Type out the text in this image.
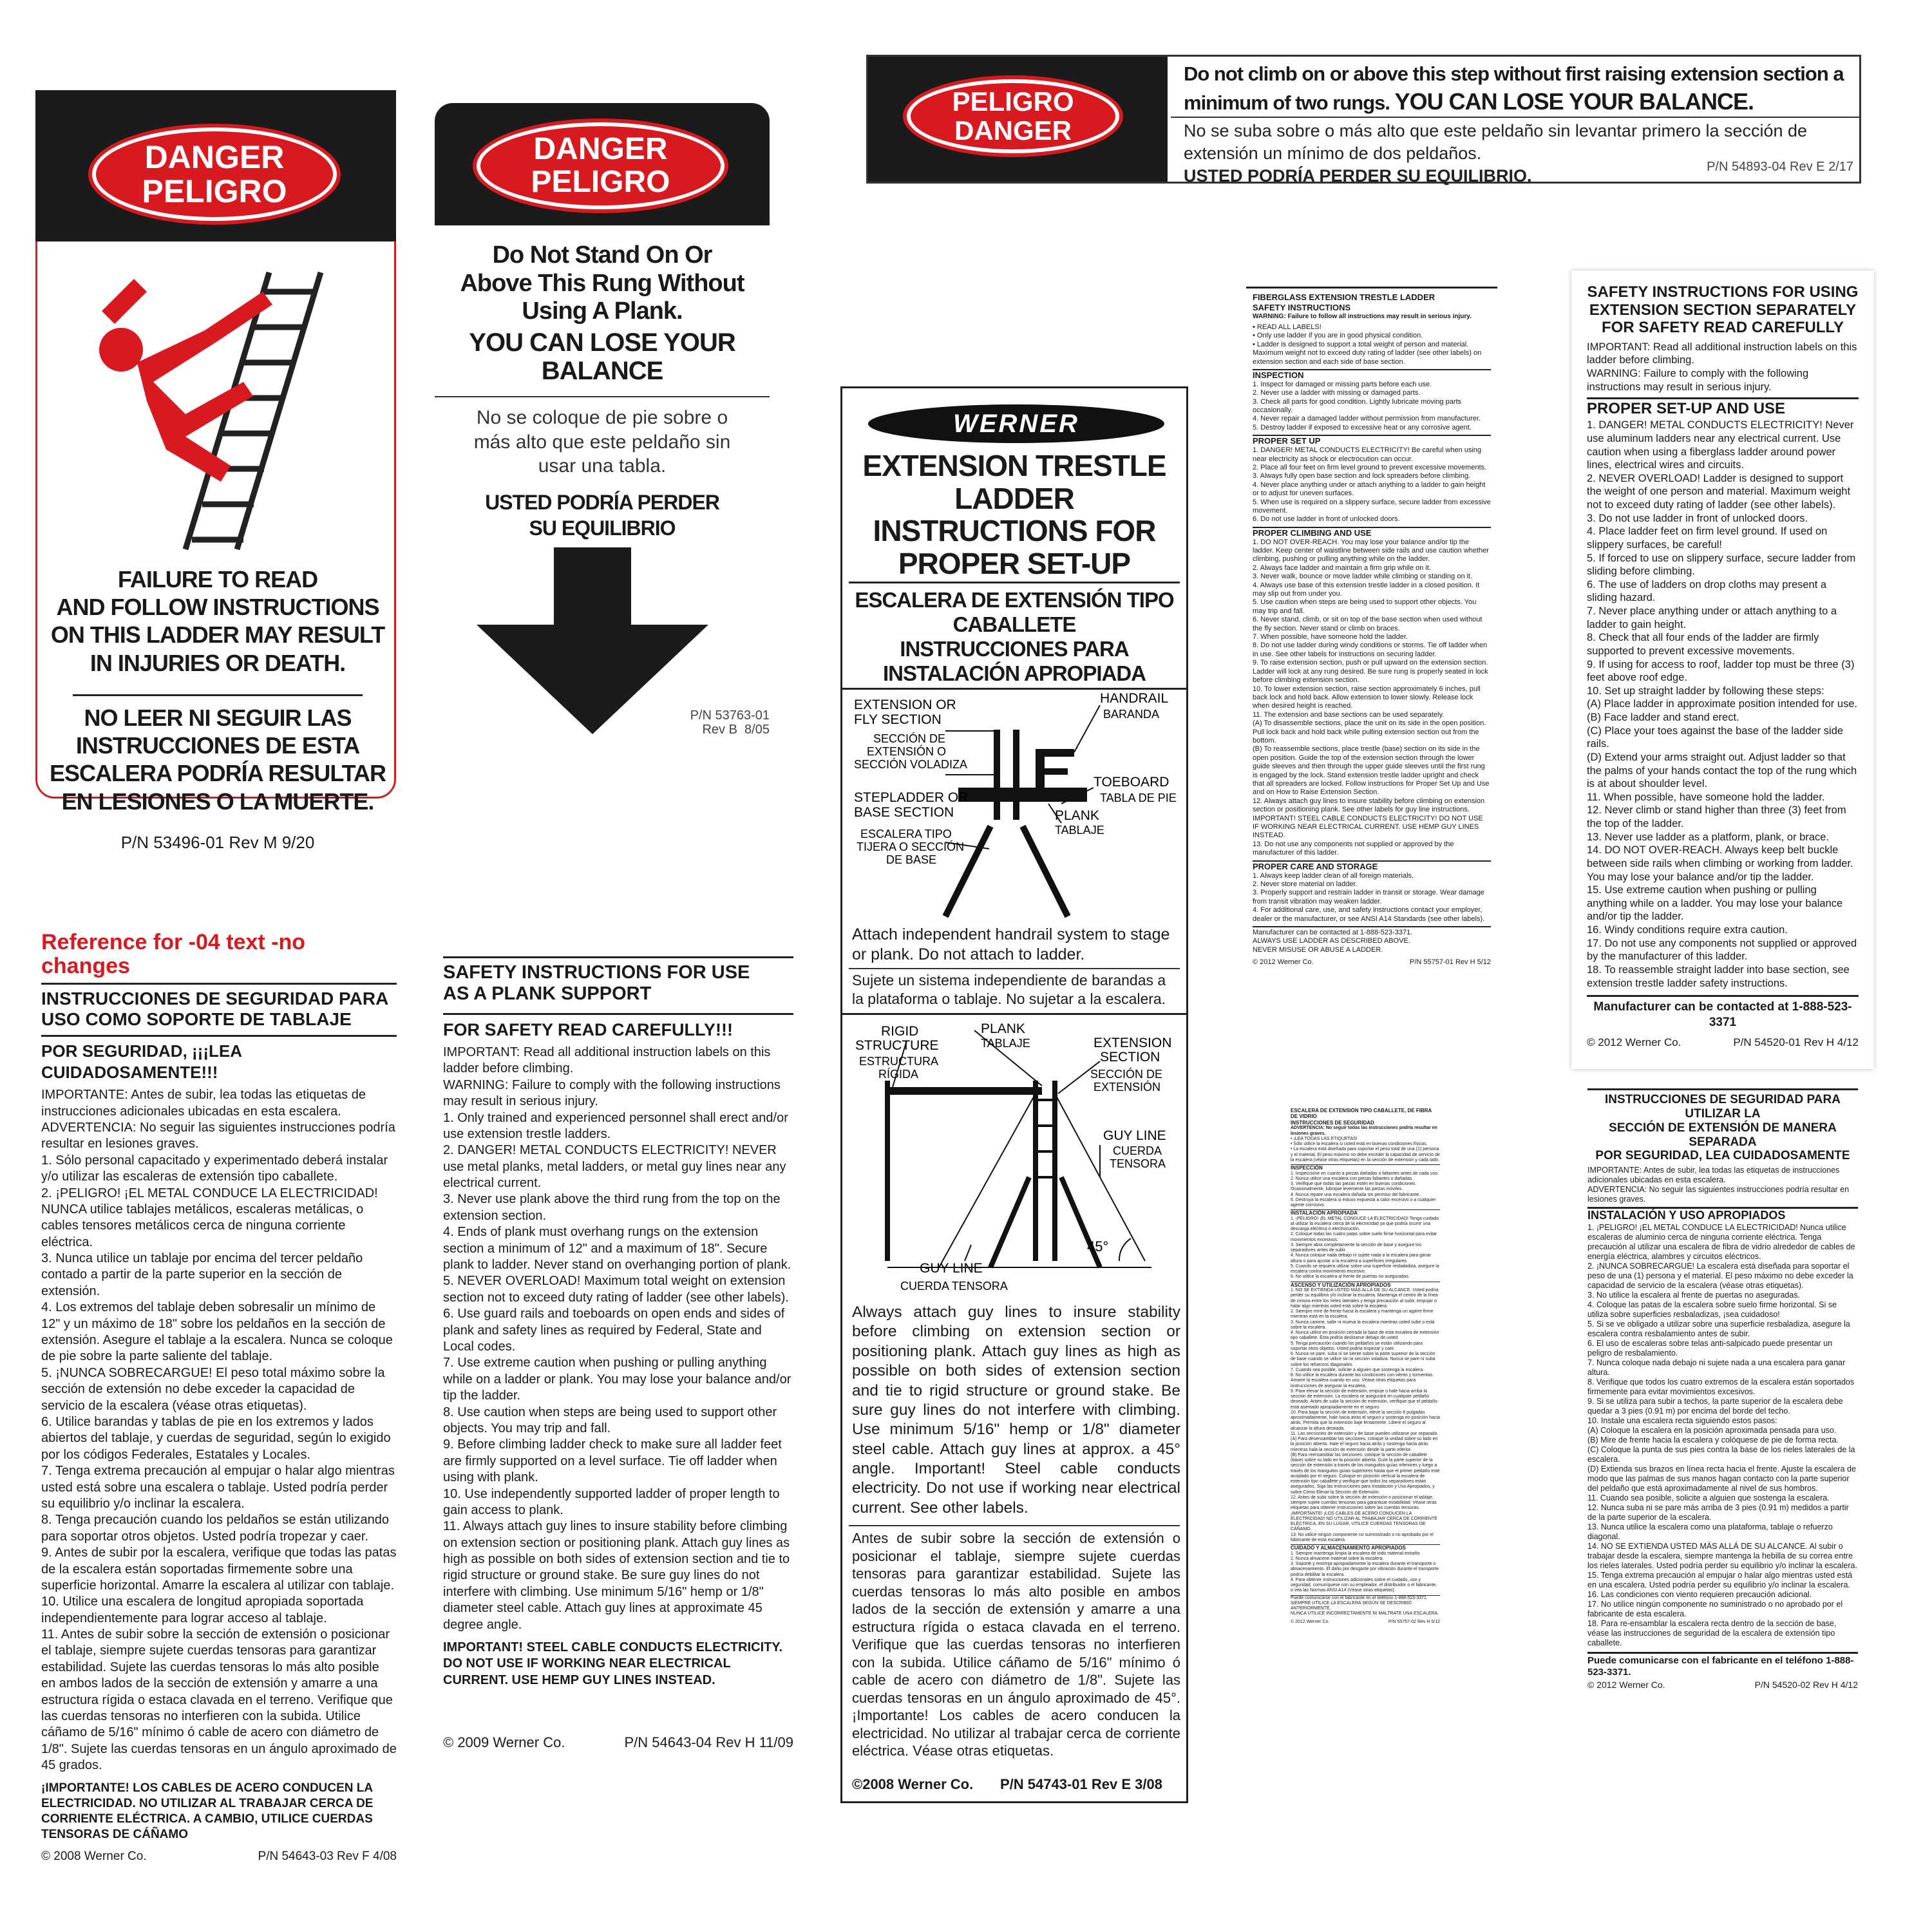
DANGER
PELIGRO
FAILURE TO READ
AND FOLLOW INSTRUCTIONS
ON THIS LADDER MAY RESULT
IN INJURIES OR DEATH.
NO LEER NI SEGUIR LAS
INSTRUCCIONES DE ESTA
ESCALERA PODRÍA RESULTAR
EN LESIONES O LA MUERTE.
P/N 53496-01 Rev M 9/20
DANGER
PELIGRO
Do Not Stand On Or
Above This Rung Without
Using A Plank.
YOU CAN LOSE YOUR
BALANCE
No se coloque de pie sobre o
más alto que este peldaño sin
usar una tabla.
USTED PODRÍA PERDER
SU EQUILIBRIO
P/N 53763-01
Rev B  8/05
PELIGRO
DANGER
Do not climb on or above this step without first raising extension section a minimum of two rungs. YOU CAN LOSE YOUR BALANCE.
No se suba sobre o más alto que este peldaño sin levantar primero la sección de extensión un mínimo de dos peldaños.
USTED PODRÍA PERDER SU EQUILIBRIO.	P/N 54893-04 Rev E 2/17
WERNER
EXTENSION TRESTLE LADDER
INSTRUCTIONS FOR
PROPER SET-UP
ESCALERA DE EXTENSIÓN TIPO CABALLETE
INSTRUCCIONES PARA
INSTALACIÓN APROPIADA
EXTENSION OR FLY SECTION
SECCIÓN DE EXTENSIÓN O SECCIÓN VOLADIZA
STEPLADDER OR BASE SECTION
ESCALERA TIPO TIJERA O SECCIÓN DE BASE
HANDRAIL
BARANDA
TOEBOARD
TABLA DE PIE
PLANK
TABLAJE
Attach independent handrail system to stage or plank. Do not attach to ladder.
Sujete un sistema independiente de barandas a la plataforma o tablaje. No sujetar a la escalera.
RIGID STRUCTURE
ESTRUCTURA RÍGIDA
PLANK
TABLAJE	EXTENSION SECTION
SECCIÓN DE EXTENSIÓN
GUY LINE
CUERDA TENSORA
45°
GUY LINE
CUERDA TENSORA
Always attach guy lines to insure stability before climbing on extension section or positioning plank. Attach guy lines as high as possible on both sides of extension section and tie to rigid structure or ground stake. Be sure guy lines do not interfere with climbing. Use minimum 5/16" hemp or 1/8" diameter steel cable. Attach guy lines at approx. a 45° angle. Important! Steel cable conducts electricity. Do not use if working near electrical current. See other labels.
Antes de subir sobre la sección de extensión o posicionar el tablaje, siempre sujete cuerdas tensoras para garantizar estabilidad. Sujete las cuerdas tensoras lo más alto posible en ambos lados de la sección de extensión y amarre a una estructura rígida o estaca clavada en el terreno. Verifique que las cuerdas tensoras no interfieren con la subida. Utilice cáñamo de 5/16" mínimo ó cable de acero con diámetro de 1/8". Sujete las cuerdas tensoras en un ángulo aproximado de 45°. ¡Importante! Los cables de acero conducen la electricidad. No utilizar al trabajar cerca de corriente eléctrica. Véase otras etiquetas.
©2008 Werner Co.	P/N 54743-01 Rev E 3/08
FIBERGLASS EXTENSION TRESTLE LADDER
SAFETY INSTRUCTIONS
WARNING: Failure to follow all instructions may result in serious injury.
• READ ALL LABELS!
• Only use ladder if you are in good physical condition.
• Ladder is designed to support a total weight of person and material. Maximum weight not to exceed duty rating of ladder (see other labels) on extension section and each side of base section.
INSPECTION
1. Inspect for damaged or missing parts before each use.
2. Never use a ladder with missing or damaged parts.
3. Check all parts for good condition. Lightly lubricate moving parts occasionally.
4. Never repair a damaged ladder without permission from manufacturer.
5. Destroy ladder if exposed to excessive heat or any corrosive agent.
PROPER SET UP
1. DANGER! METAL CONDUCTS ELECTRICITY! Be careful when using near electricity as shock or electrocution can occur.
2. Place all four feet on firm level ground to prevent excessive movements.
3. Always fully open base section and lock spreaders before climbing.
4. Never place anything under or attach anything to a ladder to gain height or to adjust for uneven surfaces.
5. When use is required on a slippery surface, secure ladder from excessive movement.
6. Do not use ladder in front of unlocked doors.
PROPER CLIMBING AND USE
1. DO NOT OVER-REACH. You may lose your balance and/or tip the ladder. Keep center of waistline between side rails and use caution whether climbing, pushing or pulling anything while on the ladder.
2. Always face ladder and maintain a firm grip while on it.
3. Never walk, bounce or move ladder while climbing or standing on it.
4. Always use base of this extension trestle ladder in a closed position. It may slip out from under you.
5. Use caution when steps are being used to support other objects. You may trip and fall.
6. Never stand, climb, or sit on top of the base section when used without the fly section. Never stand or climb on braces.
7. When possible, have someone hold the ladder.
8. Do not use ladder during windy conditions or storms. Tie off ladder when in use. See other labels for instructions on securing ladder.
9. To raise extension section, push or pull upward on the extension section. Ladder will lock at any rung desired. Be sure rung is properly seated in lock before climbing extension section.
10. To lower extension section, raise section approximately 6 inches, pull back lock and hold back. Allow extension to lower slowly. Release lock when desired height is reached.
11. The extension and base sections can be used separately.
(A) To disassemble sections, place the unit on its side in the open position. Pull lock back and hold back while pulling extension section out from the bottom.
(B) To reassemble sections, place trestle (base) section on its side in the open position. Guide the top of the extension section through the lower guide sleeves and then through the upper guide sleeves until the first rung is engaged by the lock. Stand extension trestle ladder upright and check that all spreaders are locked. Follow instructions for Proper Set Up and Use and on How to Raise Extension Section.
12. Always attach guy lines to insure stability before climbing on extension section or positioning plank. See other labels for guy line instructions. IMPORTANT! STEEL CABLE CONDUCTS ELECTRICITY! DO NOT USE IF WORKING NEAR ELECTRICAL CURRENT. USE HEMP GUY LINES INSTEAD.
13. Do not use any components not supplied or approved by the manufacturer of this ladder.
PROPER CARE AND STORAGE
1. Always keep ladder clean of all foreign materials.
2. Never store material on ladder.
3. Properly support and restrain ladder in transit or storage. Wear damage from transit vibration may weaken ladder.
4. For additional care, use, and safety instructions contact your employer, dealer or the manufacturer, or see ANSI A14 Standards (see other labels).
Manufacturer can be contacted at 1-888-523-3371.
ALWAYS USE LADDER AS DESCRIBED ABOVE.
NEVER MISUSE OR ABUSE A LADDER.
© 2012 Werner Co.	P/N 55757-01 Rev H 5/12
SAFETY INSTRUCTIONS FOR USING
EXTENSION SECTION SEPARATELY
FOR SAFETY READ CAREFULLY
IMPORTANT: Read all additional instruction labels on this ladder before climbing.
WARNING: Failure to comply with the following instructions may result in serious injury.
PROPER SET-UP AND USE
1. DANGER! METAL CONDUCTS ELECTRICITY! Never use aluminum ladders near any electrical current. Use caution when using a fiberglass ladder around power lines, electrical wires and circuits.
2. NEVER OVERLOAD! Ladder is designed to support the weight of one person and material. Maximum weight not to exceed duty rating of ladder (see other labels).
3. Do not use ladder in front of unlocked doors.
4. Place ladder feet on firm level ground. If used on slippery surfaces, be careful!
5. If forced to use on slippery surface, secure ladder from sliding before climbing.
6. The use of ladders on drop cloths may present a sliding hazard.
7. Never place anything under or attach anything to a ladder to gain height.
8. Check that all four ends of the ladder are firmly supported to prevent excessive movements.
9. If using for access to roof, ladder top must be three (3) feet above roof edge.
10. Set up straight ladder by following these steps:
(A) Place ladder in approximate position intended for use.
(B) Face ladder and stand erect.
(C) Place your toes against the base of the ladder side rails.
(D) Extend your arms straight out. Adjust ladder so that the palms of your hands contact the top of the rung which is at about shoulder level.
11. When possible, have someone hold the ladder.
12. Never climb or stand higher than three (3) feet from the top of the ladder.
13. Never use ladder as a platform, plank, or brace.
14. DO NOT OVER-REACH. Always keep belt buckle between side rails when climbing or working from ladder. You may lose your balance and/or tip the ladder.
15. Use extreme caution when pushing or pulling anything while on a ladder. You may lose your balance and/or tip the ladder.
16. Windy conditions require extra caution.
17. Do not use any components not supplied or approved by the manufacturer of this ladder.
18. To reassemble straight ladder into base section, see extension trestle ladder safety instructions.
Manufacturer can be contacted at 1-888-523-3371
© 2012 Werner Co.	P/N 54520-01 Rev H 4/12
Reference for -04 text -no changes
INSTRUCCIONES DE SEGURIDAD PARA
USO COMO SOPORTE DE TABLAJE
POR SEGURIDAD, ¡¡¡LEA CUIDADOSAMENTE!!!
IMPORTANTE: Antes de subir, lea todas las etiquetas de instrucciones adicionales ubicadas en esta escalera.
ADVERTENCIA: No seguir las siguientes instrucciones podría resultar en lesiones graves.
1. Sólo personal capacitado y experimentado deberá instalar y/o utilizar las escaleras de extensión tipo caballete.
2. ¡PELIGRO! ¡EL METAL CONDUCE LA ELECTRICIDAD! NUNCA utilice tablajes metálicos, escaleras metálicas, o cables tensores metálicos cerca de ninguna corriente eléctrica.
3. Nunca utilice un tablaje por encima del tercer peldaño contado a partir de la parte superior en la sección de extensión.
4. Los extremos del tablaje deben sobresalir un mínimo de 12" y un máximo de 18" sobre los peldaños en la sección de extensión. Asegure el tablaje a la escalera. Nunca se coloque de pie sobre la parte saliente del tablaje.
5. ¡NUNCA SOBRECARGUE! El peso total máximo sobre la sección de extensión no debe exceder la capacidad de servicio de la escalera (véase otras etiquetas).
6. Utilice barandas y tablas de pie en los extremos y lados abiertos del tablaje, y cuerdas de seguridad, según lo exigido por los códigos Federales, Estatales y Locales.
7. Tenga extrema precaución al empujar o halar algo mientras usted está sobre una escalera o tablaje. Usted podría perder su equilibrio y/o inclinar la escalera.
8. Tenga precaución cuando los peldaños se están utilizando para soportar otros objetos. Usted podría tropezar y caer.
9. Antes de subir por la escalera, verifique que todas las patas de la escalera están soportadas firmemente sobre una superficie horizontal. Amarre la escalera al utilizar con tablaje.
10. Utilice una escalera de longitud apropiada soportada independientemente para lograr acceso al tablaje.
11. Antes de subir sobre la sección de extensión o posicionar el tablaje, siempre sujete cuerdas tensoras para garantizar estabilidad. Sujete las cuerdas tensoras lo más alto posible en ambos lados de la sección de extensión y amarre a una estructura rígida o estaca clavada en el terreno. Verifique que las cuerdas tensoras no interfieren con la subida. Utilice cáñamo de 5/16" mínimo ó cable de acero con diámetro de 1/8". Sujete las cuerdas tensoras en un ángulo aproximado de 45 grados.
¡IMPORTANTE! LOS CABLES DE ACERO CONDUCEN LA ELECTRICIDAD. NO UTILIZAR AL TRABAJAR CERCA DE CORRIENTE ELÉCTRICA. A CAMBIO, UTILICE CUERDAS TENSORAS DE CÁÑAMO
© 2008 Werner Co.	P/N 54643-03 Rev F 4/08
SAFETY INSTRUCTIONS FOR USE
AS A PLANK SUPPORT
FOR SAFETY READ CAREFULLY!!!
IMPORTANT: Read all additional instruction labels on this ladder before climbing.
WARNING: Failure to comply with the following instructions may result in serious injury.
1. Only trained and experienced personnel shall erect and/or use extension trestle ladders.
2. DANGER! METAL CONDUCTS ELECTRICITY! NEVER use metal planks, metal ladders, or metal guy lines near any electrical current.
3. Never use plank above the third rung from the top on the extension section.
4. Ends of plank must overhang rungs on the extension section a minimum of 12" and a maximum of 18". Secure plank to ladder. Never stand on overhanging portion of plank.
5. NEVER OVERLOAD! Maximum total weight on extension section not to exceed duty rating of ladder (see other labels).
6. Use guard rails and toeboards on open ends and sides of plank and safety lines as required by Federal, State and Local codes.
7. Use extreme caution when pushing or pulling anything while on a ladder or plank. You may lose your balance and/or tip the ladder.
8. Use caution when steps are being used to support other objects. You may trip and fall.
9. Before climbing ladder check to make sure all ladder feet are firmly supported on a level surface. Tie off ladder when using with plank.
10. Use independently supported ladder of proper length to gain access to plank.
11. Always attach guy lines to insure stability before climbing on extension section or positioning plank. Attach guy lines as high as possible on both sides of extension section and tie to rigid structure or ground stake. Be sure guy lines do not interfere with climbing. Use minimum 5/16" hemp or 1/8" diameter steel cable. Attach guy lines at approximate 45 degree angle.
IMPORTANT! STEEL CABLE CONDUCTS ELECTRICITY. DO NOT USE IF WORKING NEAR ELECTRICAL CURRENT. USE HEMP GUY LINES INSTEAD.
© 2009 Werner Co.	P/N 54643-04 Rev H 11/09
ESCALERA DE EXTENSIÓN TIPO CABALLETE, DE FIBRA DE VIDRIO
INSTRUCCIONES DE SEGURIDAD
ADVERTENCIA: No seguir todas las instrucciones podría resultar en lesiones graves.
• ¡LEA TODAS LAS ETIQUETAS!
• Sólo utilice la escalera si usted está en buenas condiciones físicas.
• La escalera está diseñada para soportar el peso total de una (1) persona y el material. El peso máximo no debe exceder la capacidad de servicio de la escalera (véase otras etiquetas) en la sección de extensión y cada lado.
INSPECCIÓN
1. Inspeccione en cuanto a piezas dañadas o faltantes antes de cada uso.
2. Nunca utilice una escalera con piezas faltantes o dañadas.
3. Verifique que todas las piezas estén en buenas condiciones. Ocasionalmente, lubrique levemente las piezas móviles.
4. Nunca repare una escalera dañada sin permiso del fabricante.
5. Destruya la escalera si estuvo expuesta a calor excesivo o a cualquier agente corrosivo.
INSTALACIÓN APROPIADA
1. ¡PELIGRO! ¡EL METAL CONDUCE LA ELECTRICIDAD! Tenga cuidado al utilizar la escalera cerca de la electricidad ya que podría ocurrir una descarga eléctrica o electrocución.
2. Coloque todas las cuatro patas sobre suelo firme horizontal para evitar movimientos excesivos.
3. Siempre abra completamente la sección de base y asegure los separadores antes de subir.
4. Nunca coloque nada debajo ni sujete nada a la escalera para ganar altura o para ajustar a la escalera a superficies irregulares.
5. Cuando se requiera utilizar sobre una superficie resbaladiza, asegure la escalera contra movimiento excesivo.
6. No utilice la escalera al frente de puertas no aseguradas.
ASCENSO Y UTILIZACIÓN APROPIADOS
1. NO SE EXTIENDA USTED MÁS ALLÁ DE SU ALCANCE. Usted podría perder su equilibrio y/o inclinar la escalera. Mantenga el centro de la línea de cintura entre los rieles laterales y tenga precaución al subir, empujar o halar algo mientras usted está sobre la escalera.
2. Siempre mire de frente hacia la escalera y mantenga un agarre firme mientras está en la escalera.
3. Nunca camine, salte ni mueva la escalera mientras usted sube o está sobre la escalera.
4. Nunca utilice en posición cerrada la base de esta escalera de extensión tipo caballete. Ésta podría deslizarse debajo de usted.
5. Tenga precaución cuando los peldaños se están utilizando para soportar otros objetos. Usted podría tropezar y caer.
6. Nunca se pare, suba ni se siente sobre la parte superior de la sección de base cuando se utilice sin la sección voladiza. Nunca se pare ni suba sobre los refuerzos diagonales.
7. Cuando sea posible, solicite a alguien que sostenga la escalera.
8. No utilice la escalera durante las condiciones con viento y tormentas. Amarre la escalera cuando en uso. Véase otras etiquetas para instrucciones de asegurar la escalera.
9. Para elevar la sección de extensión, empuje o hale hacia arriba la sección de extensión. La escalera se asegurará en cualquier peldaño deseado. Antes de subir la sección de extensión, verifique que el peldaño está asentado apropiadamente en el seguro.
10. Para bajar la sección de extensión, eleve la sección 6 pulgadas aproximadamente, hale hacia atrás el seguro y sostenga en posición hacia atrás. Permita que la extensión baje lentamente. Libere el seguro al alcanzar la altura deseada.
11. Las secciones de extensión y de base pueden utilizarse por separado.
(A) Para desensamblar las secciones, coloque la unidad sobre su lado en la posición abierta. Hale el seguro hacia atrás y sostenga hacia atrás mientras hala la sección de extensión desde la parte inferior.
(B) Para reensamblar las secciones, coloque la sección de caballete (base) sobre su lado en la posición abierta. Guíe la parte superior de la sección de extensión a través de los manguitos guías inferiores y luego a través de los manguitos guías superiores hasta que el primer peldaño esté acoplado por el seguro. Coloque en posición vertical la escalera de extensión tipo caballete y verifique que todos los separadores están asegurados. Siga las instrucciones para Instalación y Uso Apropiados, y sobre Cómo Elevar la Sección de Extensión.
12. Antes de subir sobre la sección de extensión o posicionar el tablaje, siempre sujete cuerdas tensoras para garantizar estabilidad. Véase otras etiquetas para obtener instrucciones sobre las cuerdas tensoras. ¡IMPORTANTE! ¡LOS CABLES DE ACERO CONDUCEN LA ELECTRICIDAD! NO UTILIZAR AL TRABAJAR CERCA DE CORRIENTE ELÉCTRICA. EN SU LUGAR, UTILICE CUERDAS TENSORAS DE CÁÑAMO.
13. No utilice ningún componente no suministrado o no aprobado por el fabricante de esta escalera.
CUIDADO Y ALMACENAMIENTO APROPIADOS
1. Siempre mantenga limpia la escalera de todo material extraño.
2. Nunca almacene material sobre la escalera.
3. Soporte y restrinja apropiadamente la escalera durante el transporte o almacenamiento. El daño por desgaste por vibración durante el transporte podría debilitar la escalera.
4. Para obtener instrucciones adicionales sobre el cuidado, uso y seguridad, comuníquese con su empleador, el distribuidor o el fabricante, o vea las Normas ANSI A14 (Véase otras etiquetas).
Puede comunicarse con el fabricante en el teléfono 1-888-523-3371.
SIEMPRE UTILICE LA ESCALERA SEGÚN SE DESCRIBIÓ ANTERIORMENTE.
NUNCA UTILICE INCORRECTAMENTE NI MALTRATE UNA ESCALERA.
© 2012 Werner Co.	P/N 55757-02 Rev H 5/12
INSTRUCCIONES DE SEGURIDAD PARA UTILIZAR LA
SECCIÓN DE EXTENSIÓN DE MANERA SEPARADA
POR SEGURIDAD, LEA CUIDADOSAMENTE
IMPORTANTE: Antes de subir, lea todas las etiquetas de instrucciones adicionales ubicadas en esta escalera.
ADVERTENCIA: No seguir las siguientes instrucciones podría resultar en lesiones graves.
INSTALACIÓN Y USO APROPIADOS
1. ¡PELIGRO! ¡EL METAL CONDUCE LA ELECTRICIDAD! Nunca utilice escaleras de aluminio cerca de ninguna corriente eléctrica. Tenga precaución al utilizar una escalera de fibra de vidrio alrededor de cables de energía eléctrica, alambres y circuitos eléctricos.
2. ¡NUNCA SOBRECARGUE! La escalera está diseñada para soportar el peso de una (1) persona y el material. El peso máximo no debe exceder la capacidad de servicio de la escalera (véase otras etiquetas).
3. No utilice la escalera al frente de puertas no aseguradas.
4. Coloque las patas de la escalera sobre suelo firme horizontal. Si se utiliza sobre superficies resbaladizas, ¡sea cuidadoso!
5. Si se ve obligado a utilizar sobre una superficie resbaladiza, asegure la escalera contra resbalamiento antes de subir.
6. El uso de escaleras sobre telas anti-salpicado puede presentar un peligro de resbalamiento.
7. Nunca coloque nada debajo ni sujete nada a una escalera para ganar altura.
8. Verifique que todos los cuatro extremos de la escalera están soportados firmemente para evitar movimientos excesivos.
9. Si se utiliza para subir a techos, la parte superior de la escalera debe quedar a 3 pies (0.91 m) por encima del borde del techo.
10. Instale una escalera recta siguiendo estos pasos:
(A) Coloque la escalera en la posición aproximada pensada para uso.
(B) Mire de frente hacia la escalera y colóquese de pie de forma recta.
(C) Coloque la punta de sus pies contra la base de los rieles laterales de la escalera.
(D) Extienda sus brazos en línea recta hacia el frente. Ajuste la escalera de modo que las palmas de sus manos hagan contacto con la parte superior del peldaño que está aproximadamente al nivel de sus hombros.
11. Cuando sea posible, solicite a alguien que sostenga la escalera.
12. Nunca suba ni se pare más arriba de 3 pies (0.91 m) medidos a partir de la parte superior de la escalera.
13. Nunca utilice la escalera como una plataforma, tablaje o refuerzo diagonal.
14. NO SE EXTIENDA USTED MÁS ALLÁ DE SU ALCANCE. Al subir o trabajar desde la escalera, siempre mantenga la hebilla de su correa entre los rieles laterales. Usted podría perder su equilibrio y/o inclinar la escalera.
15. Tenga extrema precaución al empujar o halar algo mientras usted está en una escalera. Usted podría perder su equilibrio y/o inclinar la escalera.
16. Las condiciones con viento requieren precaución adicional.
17. No utilice ningún componente no suministrado o no aprobado por el fabricante de esta escalera.
18. Para re-ensamblar la escalera recta dentro de la sección de base, véase las instrucciones de seguridad de la escalera de extensión tipo caballete.
Puede comunicarse con el fabricante en el teléfono 1-888-523-3371.
© 2012 Werner Co.	P/N 54520-02 Rev H 4/12
